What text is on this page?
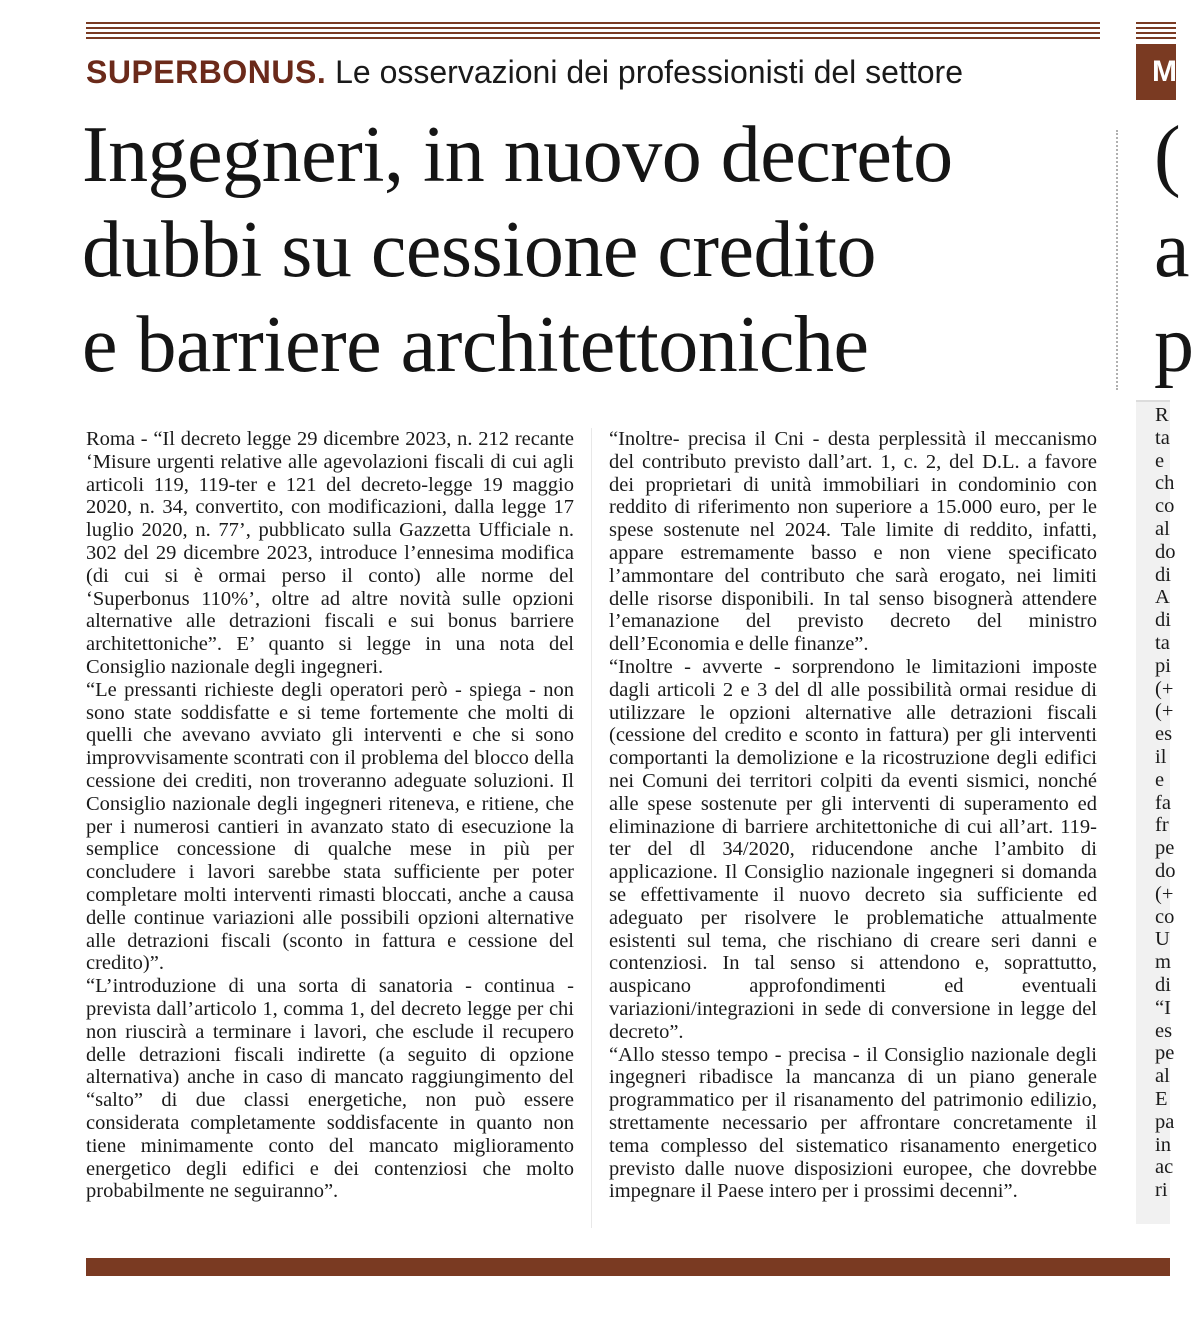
SUPERBONUS. Le osservazioni dei professionisti del settore
Ingegneri, in nuovo decreto
dubbi su cessione credito
e barriere architettoniche

Roma - “Il decreto legge 29 dicembre 2023, n. 212 recante ‘Misure urgenti relative alle agevolazioni fiscali di cui agli articoli 119, 119-ter e 121 del decreto-legge 19 maggio 2020, n. 34, convertito, con modificazioni, dalla legge 17 luglio 2020, n. 77’, pubblicato sulla Gazzetta Ufficiale n. 302 del 29 dicembre 2023, introduce l’ennesima modifica (di cui si è ormai perso il conto) alle norme del ‘Superbonus 110%’, oltre ad altre novità sulle opzioni alternative alle detrazioni fiscali e sui bonus barriere architettoniche”. E’ quanto si legge in una nota del Consiglio nazionale degli ingegneri.

“Le pressanti richieste degli operatori però - spiega - non sono state soddisfatte e si teme fortemente che molti di quelli che avevano avviato gli interventi e che si sono improvvisamente scontrati con il problema del blocco della cessione dei crediti, non troveranno adeguate soluzioni. Il Consiglio nazionale degli ingegneri riteneva, e ritiene, che per i numerosi cantieri in avanzato stato di esecuzione la semplice concessione di qualche mese in più per concludere i lavori sarebbe stata sufficiente per poter completare molti interventi rimasti bloccati, anche a causa delle continue variazioni alle possibili opzioni alternative alle detrazioni fiscali (sconto in fattura e cessione del credito)”.

“L’introduzione di una sorta di sanatoria - continua - prevista dall’articolo 1, comma 1, del decreto legge per chi non riuscirà a terminare i lavori, che esclude il recupero delle detrazioni fiscali indirette (a seguito di opzione alternativa) anche in caso di mancato raggiungimento del “salto” di due classi energetiche, non può essere considerata completamente soddisfacente in quanto non tiene minimamente conto del mancato miglioramento energetico degli edifici e dei contenziosi che molto probabilmente ne seguiranno”.

“Inoltre- precisa il Cni - desta perplessità il meccanismo del contributo previsto dall’art. 1, c. 2, del D.L. a favore dei proprietari di unità immobiliari in condominio con reddito di riferimento non superiore a 15.000 euro, per le spese sostenute nel 2024. Tale limite di reddito, infatti, appare estremamente basso e non viene specificato l’ammontare del contributo che sarà erogato, nei limiti delle risorse disponibili. In tal senso bisognerà attendere l’emanazione del previsto decreto del ministro dell’Economia e delle finanze”.

“Inoltre - avverte - sorprendono le limitazioni imposte dagli articoli 2 e 3 del dl alle possibilità ormai residue di utilizzare le opzioni alternative alle detrazioni fiscali (cessione del credito e sconto in fattura) per gli interventi comportanti la demolizione e la ricostruzione degli edifici nei Comuni dei territori colpiti da eventi sismici, nonché alle spese sostenute per gli interventi di superamento ed eliminazione di barriere architettoniche di cui all’art. 119-ter del dl 34/2020, riducendone anche l’ambito di applicazione. Il Consiglio nazionale ingegneri si domanda se effettivamente il nuovo decreto sia sufficiente ed adeguato per risolvere le problematiche attualmente esistenti sul tema, che rischiano di creare seri danni e contenziosi. In tal senso si attendono e, soprattutto, auspicano approfondimenti ed eventuali variazioni/integrazioni in sede di conversione in legge del decreto”.

“Allo stesso tempo - precisa - il Consiglio nazionale degli ingegneri ribadisce la mancanza di un piano generale programmatico per il risanamento del patrimonio edilizio, strettamente necessario per affrontare concretamente il tema complesso del sistematico risanamento energetico previsto dalle nuove disposizioni europee, che dovrebbe impegnare il Paese intero per i prossimi decenni”.

M
(
a
p
R
ta
e
ch
co
al
do
di
A
di
ta
pi
(+
(+
es
il
e
fa
fr
pe
do
(+
co
U
m
di
“I
es
pe
al
E
pa
in
ac
ri
